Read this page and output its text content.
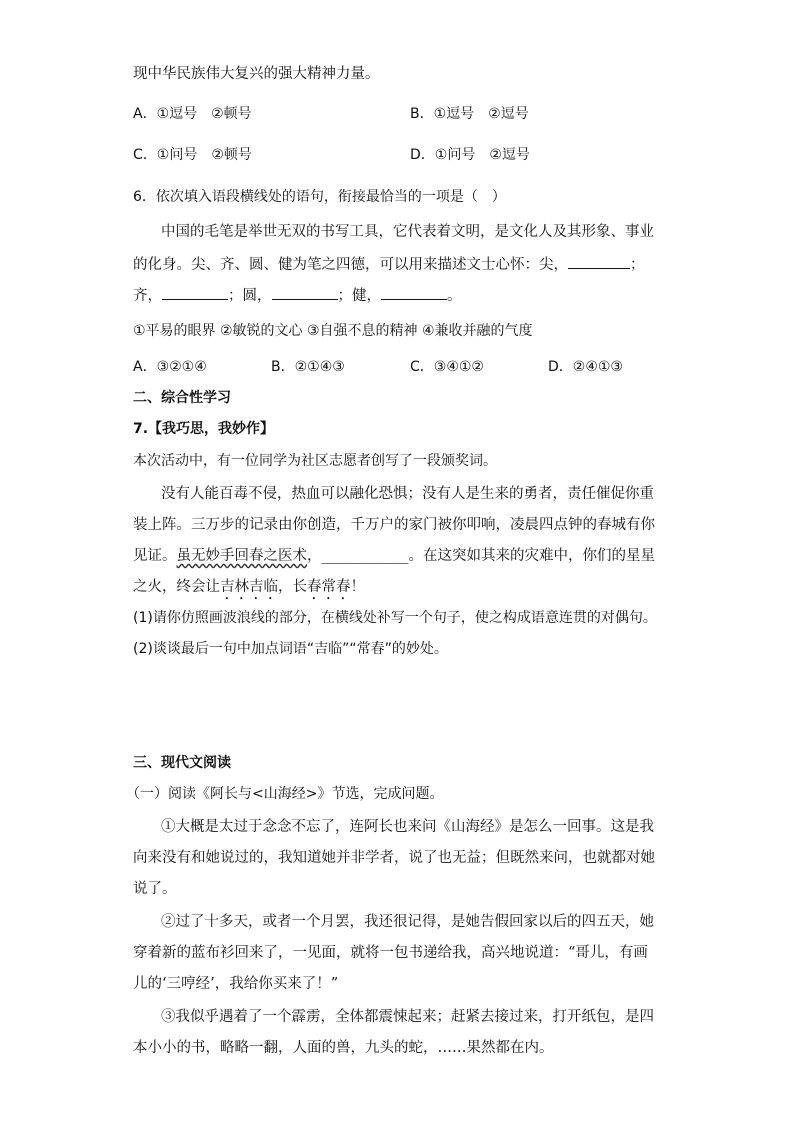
现中华民族伟大复兴的强大精神力量。
A．①逗号　②顿号	B．①逗号　②逗号
C．①问号　②顿号	D．①问号　②逗号
6．依次填入语段横线处的语句，衔接最恰当的一项是（　）
中国的毛笔是举世无双的书写工具，它代表着文明，是文化人及其形象、事业
的化身。尖、齐、圆、健为笔之四德，可以用来描述文士心怀：尖，	；
齐，	；圆，	；健，	。
①平易的眼界 ②敏锐的文心 ③自强不息的精神 ④兼收并融的气度
A．③②①④	B．②①④③	C．③④①②	D．②④①③
二、综合性学习
7.【我巧思，我妙作】
本次活动中，有一位同学为社区志愿者创写了一段颁奖词。
没有人能百毒不侵，热血可以融化恐惧；没有人是生来的勇者，责任催促你重
装上阵。三万步的记录由你创造，千万户的家门被你叩响，凌晨四点钟的春城有你
见证。虽无妙手回春之医术，____________。在这突如其来的灾难中，你们的星星
之火，终会让吉林吉临，长春常春！
(1)请你仿照画波浪线的部分，在横线处补写一个句子，使之构成语意连贯的对偶句。
(2)谈谈最后一句中加点词语“吉临”“常春”的妙处。
三、现代文阅读
（一）阅读《阿长与<山海经>》节选，完成问题。
①大概是太过于念念不忘了，连阿长也来问《山海经》是怎么一回事。这是我
向来没有和她说过的，我知道她并非学者，说了也无益；但既然来问，也就都对她
说了。
②过了十多天，或者一个月罢，我还很记得，是她告假回家以后的四五天，她
穿着新的蓝布衫回来了，一见面，就将一包书递给我，高兴地说道：“哥儿，有画
儿的‘三哼经’，我给你买来了！”
③我似乎遇着了一个霹雳，全体都震悚起来；赶紧去接过来，打开纸包，是四
本小小的书，略略一翻，人面的兽，九头的蛇，……果然都在内。
